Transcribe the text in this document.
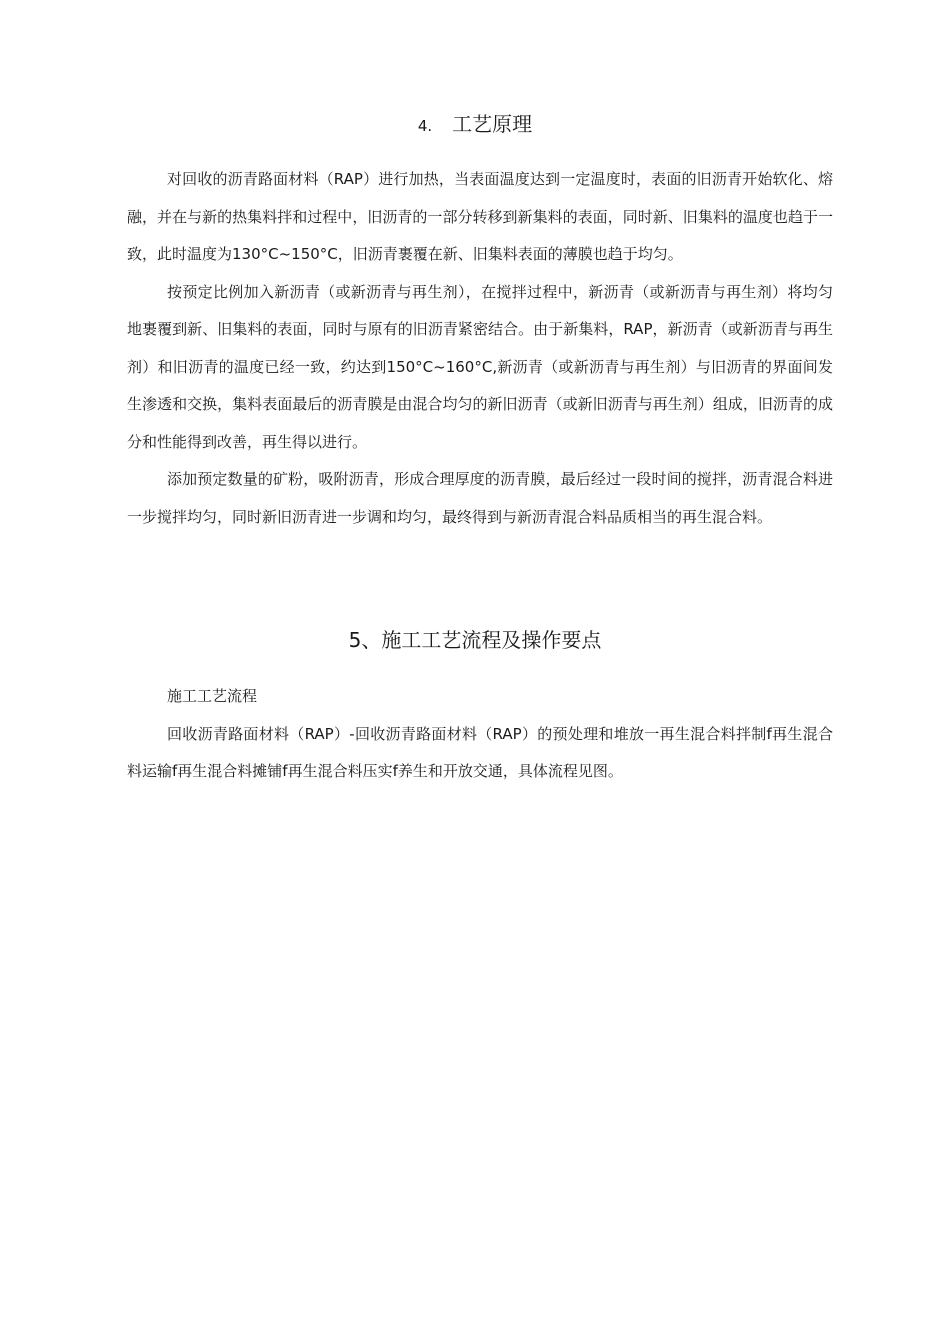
4. 工艺原理

对回收的沥青路面材料（RAP）进行加热，当表面温度达到一定温度时，表面的旧沥青开始软化、熔融，并在与新的热集料拌和过程中，旧沥青的一部分转移到新集料的表面，同时新、旧集料的温度也趋于一致，此时温度为130°C~150°C，旧沥青裹覆在新、旧集料表面的薄膜也趋于均匀。

按预定比例加入新沥青（或新沥青与再生剂），在搅拌过程中，新沥青（或新沥青与再生剂）将均匀地裹覆到新、旧集料的表面，同时与原有的旧沥青紧密结合。由于新集料，RAP，新沥青（或新沥青与再生剂）和旧沥青的温度已经一致，约达到150°C~160°C,新沥青（或新沥青与再生剂）与旧沥青的界面间发生渗透和交换，集料表面最后的沥青膜是由混合均匀的新旧沥青（或新旧沥青与再生剂）组成，旧沥青的成分和性能得到改善，再生得以进行。

添加预定数量的矿粉，吸附沥青，形成合理厚度的沥青膜，最后经过一段时间的搅拌，沥青混合料进一步搅拌均匀，同时新旧沥青进一步调和均匀，最终得到与新沥青混合料品质相当的再生混合料。

5、施工工艺流程及操作要点

施工工艺流程

回收沥青路面材料（RAP）-回收沥青路面材料（RAP）的预处理和堆放一再生混合料拌制f再生混合料运输f再生混合料摊铺f再生混合料压实f养生和开放交通，具体流程见图。
